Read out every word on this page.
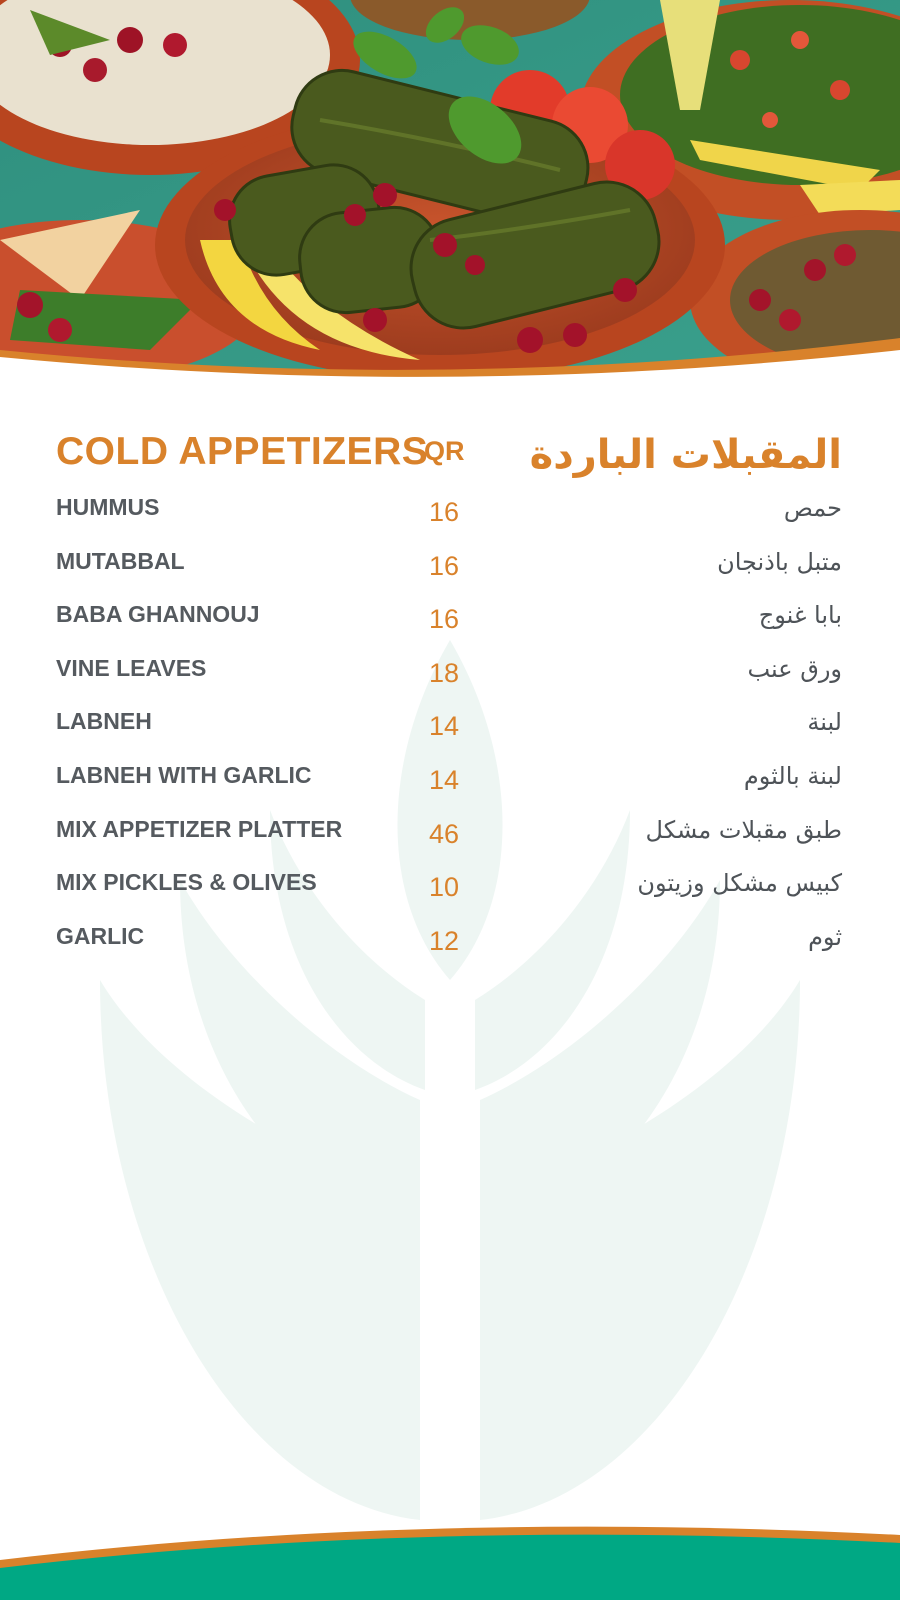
COLD APPETIZERS
QR المقبلات الباردة
HUMMUS	16	حمص
MUTABBAL	16	متبل باذنجان
BABA GHANNOUJ	16	بابا غنوج
VINE LEAVES	18	ورق عنب
LABNEH	14	لبنة
LABNEH WITH GARLIC	14	لبنة بالثوم
MIX APPETIZER PLATTER	46	طبق مقبلات مشكل
MIX PICKLES & OLIVES	10	كبيس مشكل وزيتون
GARLIC	12	ثوم
